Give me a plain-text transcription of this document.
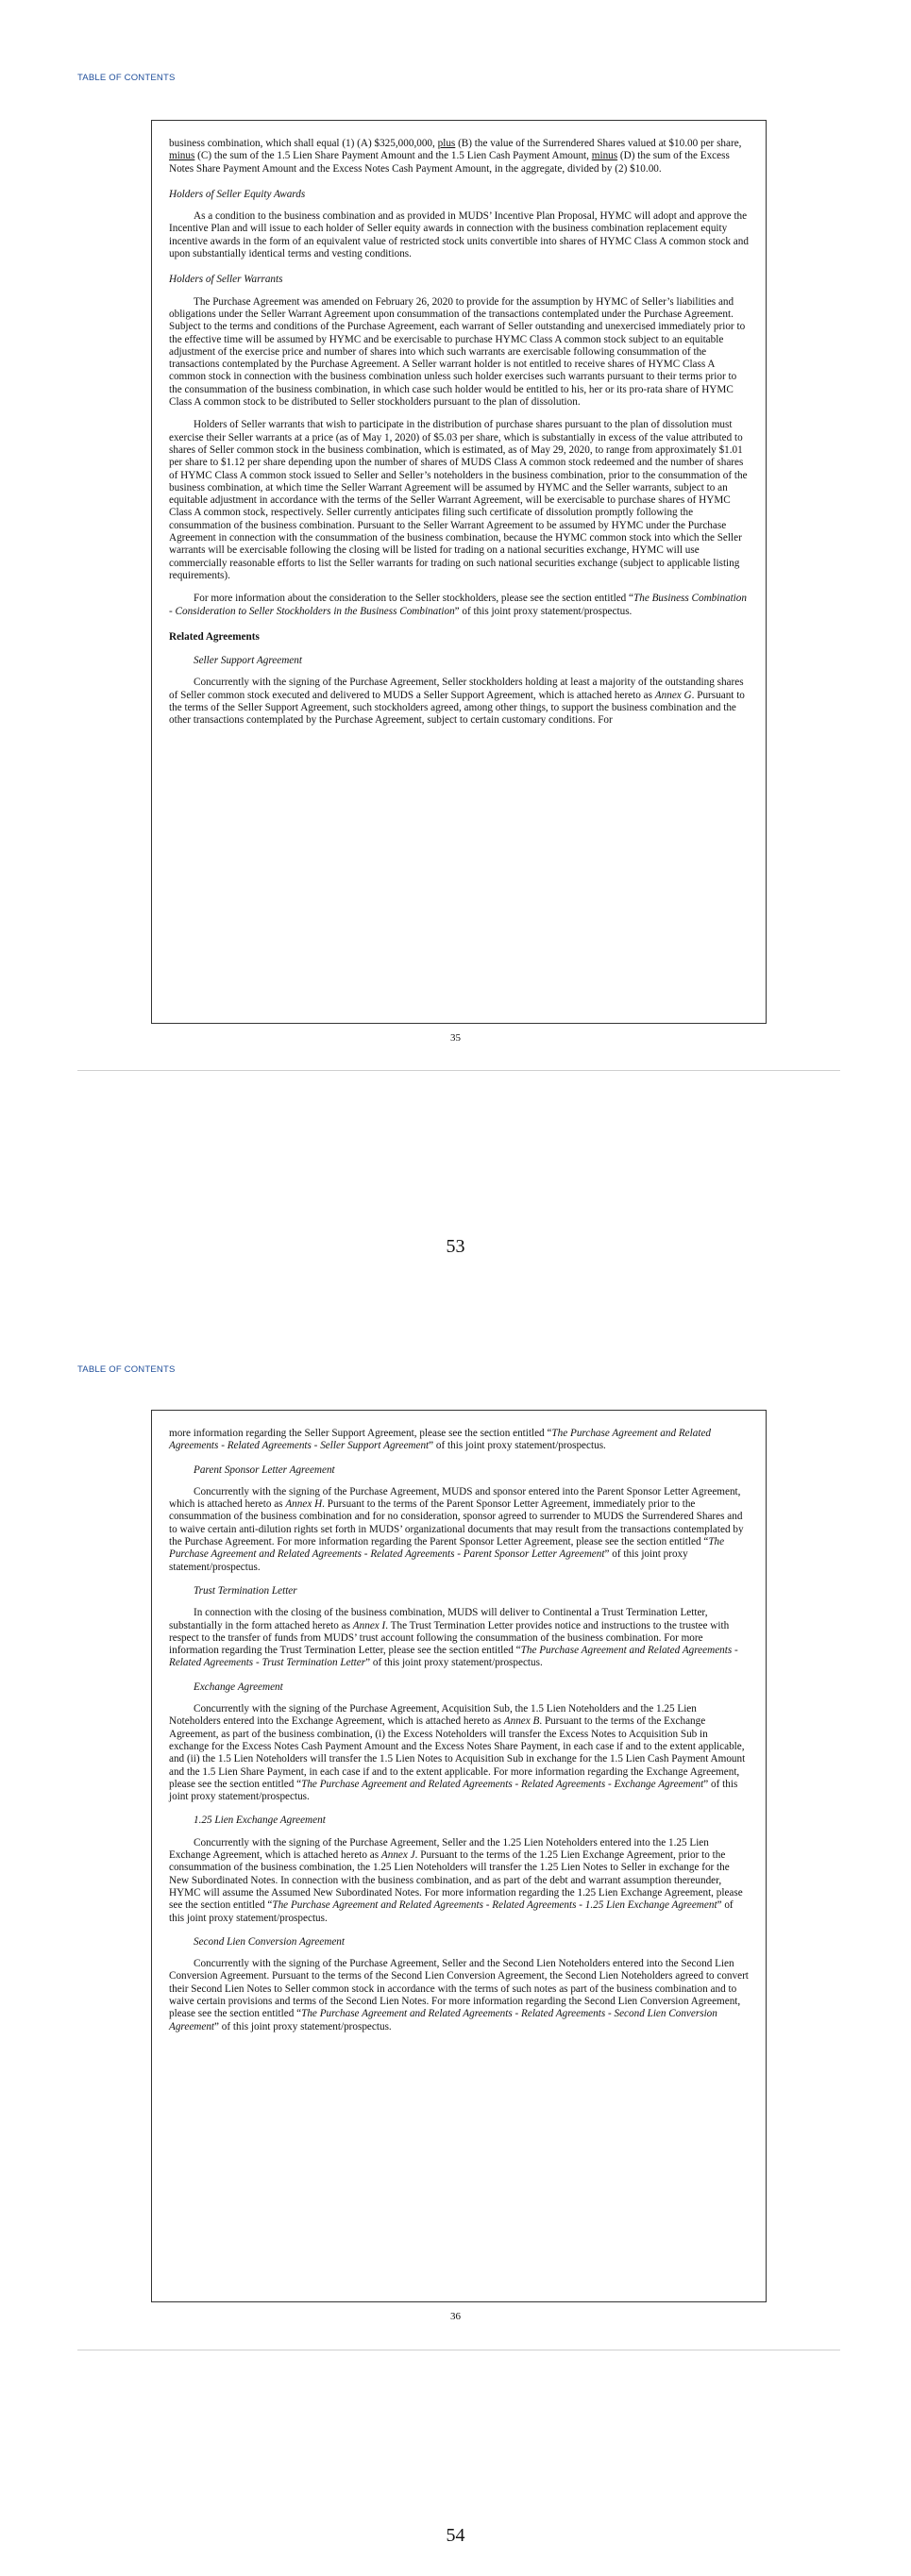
TABLE OF CONTENTS

business combination, which shall equal (1) (A) $325,000,000, plus (B) the value of the Surrendered Shares valued at $10.00 per share, minus (C) the sum of the 1.5 Lien Share Payment Amount and the 1.5 Lien Cash Payment Amount, minus (D) the sum of the Excess Notes Share Payment Amount and the Excess Notes Cash Payment Amount, in the aggregate, divided by (2) $10.00.

Holders of Seller Equity Awards

As a condition to the business combination and as provided in MUDS’ Incentive Plan Proposal, HYMC will adopt and approve the Incentive Plan and will issue to each holder of Seller equity awards in connection with the business combination replacement equity incentive awards in the form of an equivalent value of restricted stock units convertible into shares of HYMC Class A common stock and upon substantially identical terms and vesting conditions.

Holders of Seller Warrants

The Purchase Agreement was amended on February 26, 2020 to provide for the assumption by HYMC of Seller’s liabilities and obligations under the Seller Warrant Agreement upon consummation of the transactions contemplated under the Purchase Agreement. Subject to the terms and conditions of the Purchase Agreement, each warrant of Seller outstanding and unexercised immediately prior to the effective time will be assumed by HYMC and be exercisable to purchase HYMC Class A common stock subject to an equitable adjustment of the exercise price and number of shares into which such warrants are exercisable following consummation of the transactions contemplated by the Purchase Agreement. A Seller warrant holder is not entitled to receive shares of HYMC Class A common stock in connection with the business combination unless such holder exercises such warrants pursuant to their terms prior to the consummation of the business combination, in which case such holder would be entitled to his, her or its pro-rata share of HYMC Class A common stock to be distributed to Seller stockholders pursuant to the plan of dissolution.

Holders of Seller warrants that wish to participate in the distribution of purchase shares pursuant to the plan of dissolution must exercise their Seller warrants at a price (as of May 1, 2020) of $5.03 per share, which is substantially in excess of the value attributed to shares of Seller common stock in the business combination, which is estimated, as of May 29, 2020, to range from approximately $1.01 per share to $1.12 per share depending upon the number of shares of MUDS Class A common stock redeemed and the number of shares of HYMC Class A common stock issued to Seller and Seller’s noteholders in the business combination, prior to the consummation of the business combination, at which time the Seller Warrant Agreement will be assumed by HYMC and the Seller warrants, subject to an equitable adjustment in accordance with the terms of the Seller Warrant Agreement, will be exercisable to purchase shares of HYMC Class A common stock, respectively. Seller currently anticipates filing such certificate of dissolution promptly following the consummation of the business combination. Pursuant to the Seller Warrant Agreement to be assumed by HYMC under the Purchase Agreement in connection with the consummation of the business combination, because the HYMC common stock into which the Seller warrants will be exercisable following the closing will be listed for trading on a national securities exchange, HYMC will use commercially reasonable efforts to list the Seller warrants for trading on such national securities exchange (subject to applicable listing requirements).

For more information about the consideration to the Seller stockholders, please see the section entitled “The Business Combination - Consideration to Seller Stockholders in the Business Combination” of this joint proxy statement/prospectus.

Related Agreements

Seller Support Agreement

Concurrently with the signing of the Purchase Agreement, Seller stockholders holding at least a majority of the outstanding shares of Seller common stock executed and delivered to MUDS a Seller Support Agreement, which is attached hereto as Annex G. Pursuant to the terms of the Seller Support Agreement, such stockholders agreed, among other things, to support the business combination and the other transactions contemplated by the Purchase Agreement, subject to certain customary conditions. For

35
53
TABLE OF CONTENTS

more information regarding the Seller Support Agreement, please see the section entitled “The Purchase Agreement and Related Agreements - Related Agreements - Seller Support Agreement” of this joint proxy statement/prospectus.

Parent Sponsor Letter Agreement

Concurrently with the signing of the Purchase Agreement, MUDS and sponsor entered into the Parent Sponsor Letter Agreement, which is attached hereto as Annex H. Pursuant to the terms of the Parent Sponsor Letter Agreement, immediately prior to the consummation of the business combination and for no consideration, sponsor agreed to surrender to MUDS the Surrendered Shares and to waive certain anti-dilution rights set forth in MUDS’ organizational documents that may result from the transactions contemplated by the Purchase Agreement. For more information regarding the Parent Sponsor Letter Agreement, please see the section entitled “The Purchase Agreement and Related Agreements - Related Agreements - Parent Sponsor Letter Agreement” of this joint proxy statement/prospectus.

Trust Termination Letter

In connection with the closing of the business combination, MUDS will deliver to Continental a Trust Termination Letter, substantially in the form attached hereto as Annex I. The Trust Termination Letter provides notice and instructions to the trustee with respect to the transfer of funds from MUDS’ trust account following the consummation of the business combination. For more information regarding the Trust Termination Letter, please see the section entitled “The Purchase Agreement and Related Agreements - Related Agreements - Trust Termination Letter” of this joint proxy statement/prospectus.

Exchange Agreement

Concurrently with the signing of the Purchase Agreement, Acquisition Sub, the 1.5 Lien Noteholders and the 1.25 Lien Noteholders entered into the Exchange Agreement, which is attached hereto as Annex B. Pursuant to the terms of the Exchange Agreement, as part of the business combination, (i) the Excess Noteholders will transfer the Excess Notes to Acquisition Sub in exchange for the Excess Notes Cash Payment Amount and the Excess Notes Share Payment, in each case if and to the extent applicable, and (ii) the 1.5 Lien Noteholders will transfer the 1.5 Lien Notes to Acquisition Sub in exchange for the 1.5 Lien Cash Payment Amount and the 1.5 Lien Share Payment, in each case if and to the extent applicable. For more information regarding the Exchange Agreement, please see the section entitled “The Purchase Agreement and Related Agreements - Related Agreements - Exchange Agreement” of this joint proxy statement/prospectus.

1.25 Lien Exchange Agreement

Concurrently with the signing of the Purchase Agreement, Seller and the 1.25 Lien Noteholders entered into the 1.25 Lien Exchange Agreement, which is attached hereto as Annex J. Pursuant to the terms of the 1.25 Lien Exchange Agreement, prior to the consummation of the business combination, the 1.25 Lien Noteholders will transfer the 1.25 Lien Notes to Seller in exchange for the New Subordinated Notes. In connection with the business combination, and as part of the debt and warrant assumption thereunder, HYMC will assume the Assumed New Subordinated Notes. For more information regarding the 1.25 Lien Exchange Agreement, please see the section entitled “The Purchase Agreement and Related Agreements - Related Agreements - 1.25 Lien Exchange Agreement” of this joint proxy statement/prospectus.

Second Lien Conversion Agreement

Concurrently with the signing of the Purchase Agreement, Seller and the Second Lien Noteholders entered into the Second Lien Conversion Agreement. Pursuant to the terms of the Second Lien Conversion Agreement, the Second Lien Noteholders agreed to convert their Second Lien Notes to Seller common stock in accordance with the terms of such notes as part of the business combination and to waive certain provisions and terms of the Second Lien Notes. For more information regarding the Second Lien Conversion Agreement, please see the section entitled “The Purchase Agreement and Related Agreements - Related Agreements - Second Lien Conversion Agreement” of this joint proxy statement/prospectus.

36
54
